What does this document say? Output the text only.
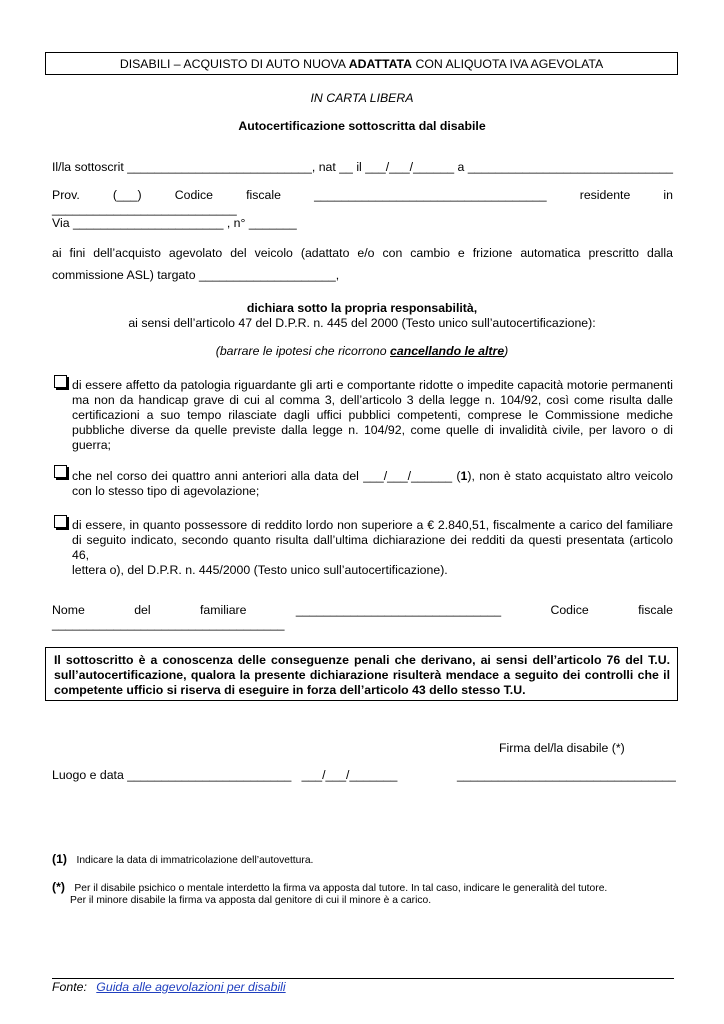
DISABILI – ACQUISTO DI AUTO NUOVA ADATTATA CON ALIQUOTA IVA AGEVOLATA
IN CARTA LIBERA
Autocertificazione sottoscritta dal disabile
Il/la sottoscrit ___________________________, nat __ il ___/___/______ a ______________________________
Prov. (___) Codice fiscale __________________________________ residente in ___________________________
Via ______________________ , n° _______
ai fini dell’acquisto agevolato del veicolo (adattato e/o con cambio e frizione automatica prescritto dalla
commissione ASL) targato ____________________,
dichiara sotto la propria responsabilità,
ai sensi dell’articolo 47 del D.P.R. n. 445 del 2000 (Testo unico sull’autocertificazione):
(barrare le ipotesi che ricorrono cancellando le altre)
di essere affetto da patologia riguardante gli arti e comportante ridotte o impedite capacità motorie permanenti
ma non da handicap grave di cui al comma 3, dell’articolo 3 della legge n. 104/92, così come risulta dalle
certificazioni a suo tempo rilasciate dagli uffici pubblici competenti, comprese le Commissione mediche
pubbliche diverse da quelle previste dalla legge n. 104/92, come quelle di invalidità civile, per lavoro o di
guerra;
che nel corso dei quattro anni anteriori alla data del ___/___/______ (1), non è stato acquistato altro veicolo
con lo stesso tipo di agevolazione;
di essere, in quanto possessore di reddito lordo non superiore a € 2.840,51, fiscalmente a carico del familiare
di seguito indicato, secondo quanto risulta dall’ultima dichiarazione dei redditi da questi presentata (articolo 46,
lettera o), del D.P.R. n. 445/2000 (Testo unico sull’autocertificazione).
Nome del familiare ______________________________ Codice fiscale __________________________________
Il sottoscritto è a conoscenza delle conseguenze penali che derivano, ai sensi dell’articolo 76 del T.U.
sull’autocertificazione, qualora la presente dichiarazione risulterà mendace a seguito dei controlli che il
competente ufficio si riserva di eseguire in forza dell’articolo 43 dello stesso T.U.
Firma del/la disabile (*)
Luogo e data ________________________   ___/___/_______	________________________________
(1) Indicare la data di immatricolazione dell’autovettura.
(*) Per il disabile psichico o mentale interdetto la firma va apposta dal tutore. In tal caso, indicare le generalità del tutore.
Per il minore disabile la firma va apposta dal genitore di cui il minore è a carico.
Fonte: Guida alle agevolazioni per disabili
